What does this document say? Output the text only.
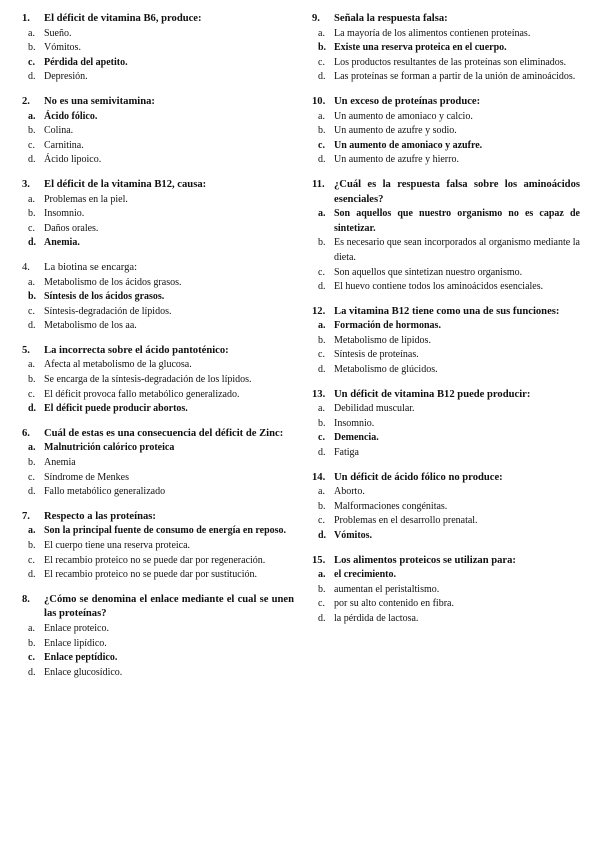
1.	El déficit de vitamina B6, produce:
a. Sueño.
b. Vómitos.
c. Pérdida del apetito.
d. Depresión.
2.	No es una semivitamina:
a. Ácido fólico.
b. Colina.
c. Carnitina.
d. Ácido lipoico.
3.	El déficit de la vitamina B12, causa:
a. Problemas en la piel.
b. Insomnio.
c. Daños orales.
d. Anemia.
4.	La biotina se encarga:
a. Metabolismo de los ácidos grasos.
b. Síntesis de los ácidos grasos.
c. Síntesis-degradación de lípidos.
d. Metabolismo de los aa.
5.	La incorrecta sobre el ácido pantoténico:
a. Afecta al metabolismo de la glucosa.
b. Se encarga de la síntesis-degradación de los lípidos.
c. El déficit provoca fallo metabólico generalizado.
d. El déficit puede producir abortos.
6.	Cuál de estas es una consecuencia del déficit de Zinc:
a. Malnutrición calórico proteica
b. Anemia
c. Síndrome de Menkes
d. Fallo metabólico generalizado
7.	Respecto a las proteínas:
a. Son la principal fuente de consumo de energía en reposo.
b. El cuerpo tiene una reserva proteica.
c. El recambio proteico no se puede dar por regeneración.
d. El recambio proteico no se puede dar por sustitución.
8.	¿Cómo se denomina el enlace mediante el cual se unen las proteínas?
a. Enlace proteico.
b. Enlace lipídico.
c. Enlace peptídico.
d. Enlace glucosídico.
9.	Señala la respuesta falsa:
a. La mayoría de los alimentos contienen proteínas.
b. Existe una reserva proteica en el cuerpo.
c. Los productos resultantes de las proteínas son eliminados.
d. Las proteínas se forman a partir de la unión de aminoácidos.
10. Un exceso de proteínas produce:
a. Un aumento de amoniaco y calcio.
b. Un aumento de azufre y sodio.
c. Un aumento de amoniaco y azufre.
d. Un aumento de azufre y hierro.
11. ¿Cuál es la respuesta falsa sobre los aminoácidos esenciales?
a. Son aquellos que nuestro organismo no es capaz de sintetizar.
b. Es necesario que sean incorporados al organismo mediante la dieta.
c. Son aquellos que sintetizan nuestro organismo.
d. El huevo contiene todos los aminoácidos esenciales.
12. La vitamina B12 tiene como una de sus funciones:
a. Formación de hormonas.
b. Metabolismo de lípidos.
c. Síntesis de proteínas.
d. Metabolismo de glúcidos.
13. Un déficit de vitamina B12 puede producir:
a. Debilidad muscular.
b. Insomnio.
c. Demencia.
d. Fatiga
14. Un déficit de ácido fólico no produce:
a. Aborto.
b. Malformaciones congénitas.
c. Problemas en el desarrollo prenatal.
d. Vómitos.
15. Los alimentos proteicos se utilizan para:
a. el crecimiento.
b. aumentan el peristaltismo.
c. por su alto contenido en fibra.
d. la pérdida de lactosa.
